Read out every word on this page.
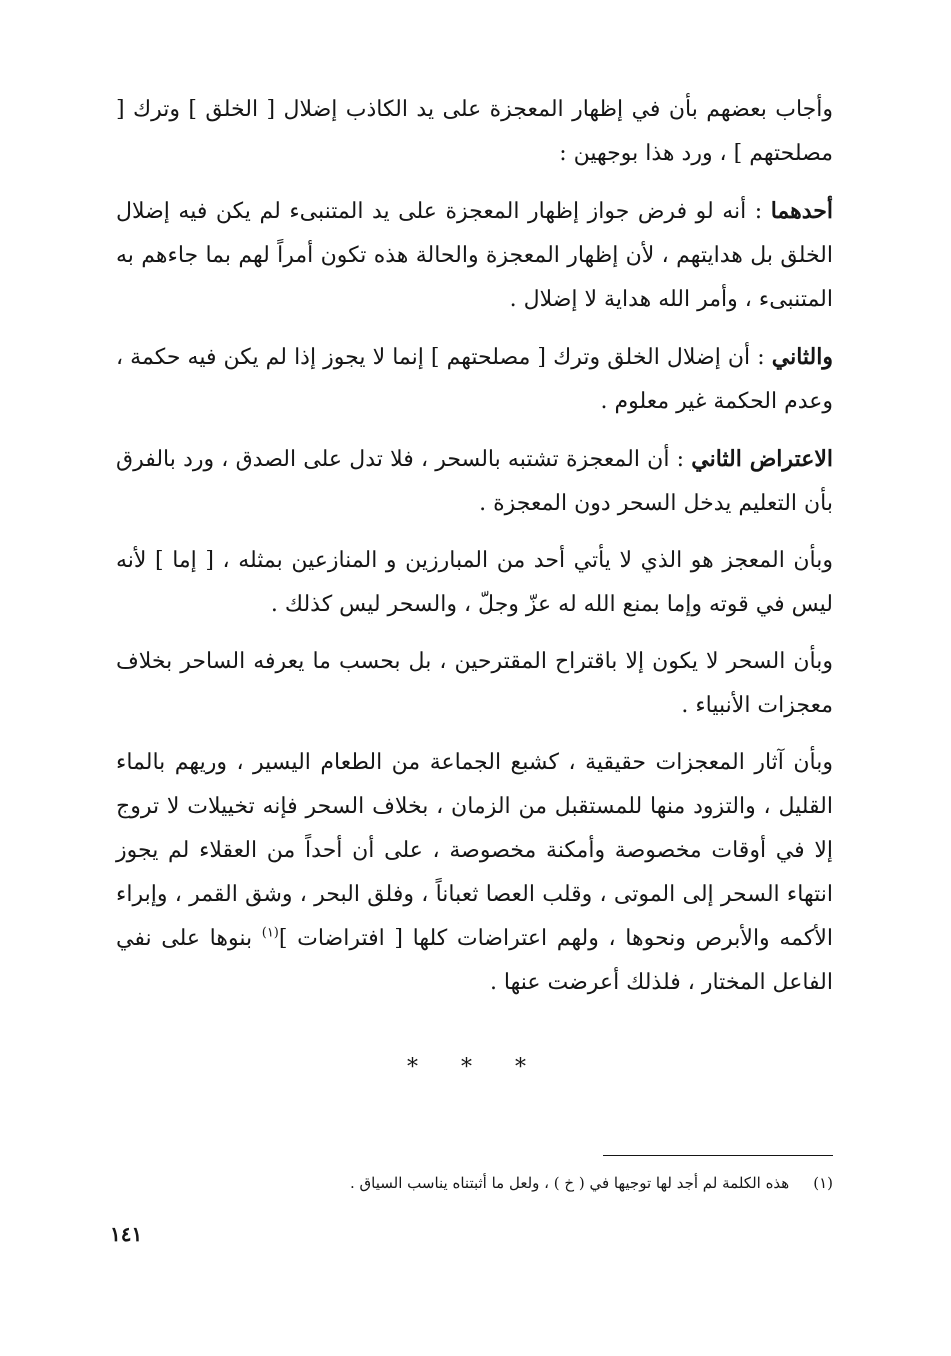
وأجاب بعضهم بأن في إظهار المعجزة على يد الكاذب إضلال [ الخلق ] وترك [ مصلحتهم ] ، ورد هذا بوجهين :

أحدهما : أنه لو فرض جواز إظهار المعجزة على يد المتنبىء لم يكن فيه إضلال الخلق بل هدايتهم ، لأن إظهار المعجزة والحالة هذه تكون أمراً لهم بما جاءهم به المتنبىء ، وأمر الله هداية لا إضلال .

والثاني : أن إضلال الخلق وترك [ مصلحتهم ] إنما لا يجوز إذا لم يكن فيه حكمة ، وعدم الحكمة غير معلوم .

الاعتراض الثاني : أن المعجزة تشتبه بالسحر ، فلا تدل على الصدق ، ورد بالفرق بأن التعليم يدخل السحر دون المعجزة .

وبأن المعجز هو الذي لا يأتي أحد من المبارزين و المنازعين بمثله ، [ إما ] لأنه ليس في قوته وإما بمنع الله له عزّ وجلّ ، والسحر ليس كذلك .

وبأن السحر لا يكون إلا باقتراح المقترحين ، بل بحسب ما يعرفه الساحر بخلاف معجزات الأنبياء .

وبأن آثار المعجزات حقيقية ، كشبع الجماعة من الطعام اليسير ، وريهم بالماء القليل ، والتزود منها للمستقبل من الزمان ، بخلاف السحر فإنه تخييلات لا تروج إلا في أوقات مخصوصة وأمكنة مخصوصة ، على أن أحداً من العقلاء لم يجوز انتهاء السحر إلى الموتى ، وقلب العصا ثعباناً ، وفلق البحر ، وشق القمر ، وإبراء الأكمه والأبرص ونحوها ، ولهم اعتراضات كلها [ افتراضات ]$^{(١)}$ بنوها على نفي الفاعل المختار ، فلذلك أعرضت عنها .

* * *
(١)هذه الكلمة لم أجد لها توجيها في ( خ ) ، ولعل ما أثبتناه يناسب السياق .
١٤١
